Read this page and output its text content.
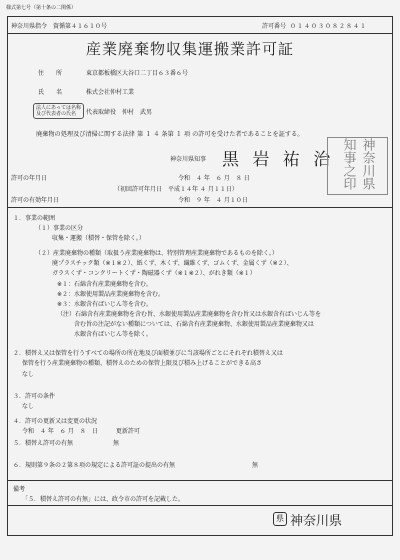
様式第七号（第十条の二関係）
神奈川県指令　資循第４１６１０号	許可番号 ０１４０３０８２８４１
産業廃棄物収集運搬業許可証
住　　所	東京都板橋区大谷口二丁目６３番６号
氏　　名	株式会社仲村工業
法人にあっては名称
及び代表者の氏名	代表取締役　仲村　武男
廃棄物の処理及び清掃に関する法律 第 １ ４ 条第 １ 項 の許可を受けた者であることを証する。
神奈川県知事 黒 岩 祐 治	神奈川県知事之印
許可の年月日	令和　４ 年　６ 月　８ 日
（初回許可年月日　平成１４年 ４ 月１１日）
許可の有効年月日	令和　９ 年　４ 月１０日
１．事業の範囲
（１）事業の区分
収集・運搬（積替・保管を除く。）
（２）産業廃棄物の種類（取扱う産業廃棄物は、特別管理産業廃棄物であるものを除く。）
廃プラスチック類（※１※２）、紙くず、木くず、繊維くず、ゴムくず、金属くず（※２）、
ガラスくず・コンクリートくず・陶磁器くず（※１※２）、がれき類（※１）
※１：石綿含有産業廃棄物を含む。
※２：水銀使用製品産業廃棄物を含む。
※３：水銀含有ばいじん等を含む。
（注）石綿含有産業廃棄物を含む旨、水銀使用製品産業廃棄物を含む旨又は水銀含有ばいじん等を
含む旨の注記がない種類については、石綿含有産業廃棄物、水銀使用製品産業廃棄物又は
水銀含有ばいじん等を除く。
２．積替え又は保管を行うすべての場所の所在地及び面積並びに当該場所ごとにそれぞれ積替え又は
保管を行う産業廃棄物の種類、積替えのための保管上限及び積み上げることができる高さ
なし
３．許可の条件
なし
４．許可の更新又は変更の状況
令和　４ 年　６ 月　８　日　　　更新許可
５．積替え許可の有無	無
６．規則第９条の２第８項の規定による許可証の提出の有無	無
備考
「５．積替え許可の有無」には、政令市の許可を記載した。
県 神奈川県
